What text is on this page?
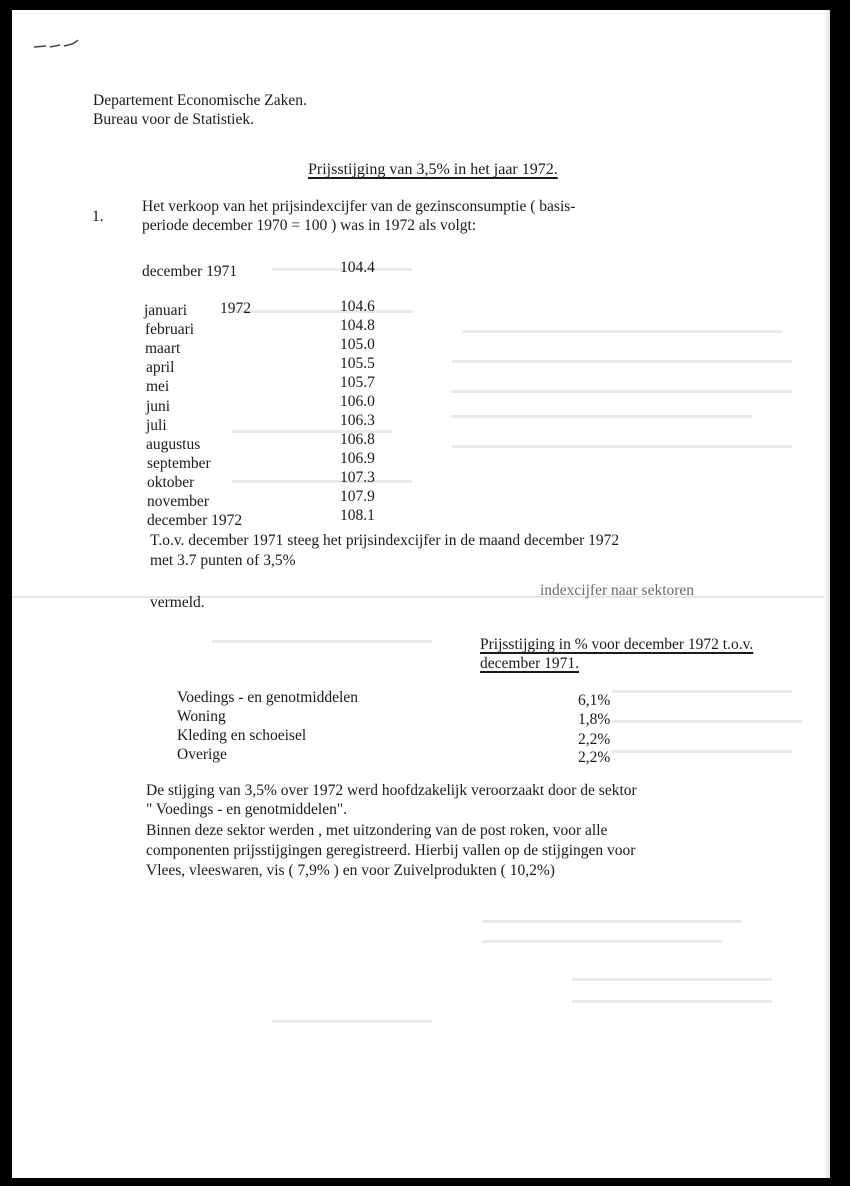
Departement Economische Zaken.
Bureau voor de Statistiek.
Prijsstijging van 3,5% in het jaar 1972.
1.
Het verkoop van het prijsindexcijfer van de gezinsconsumptie ( basis-
periode december 1970 = 100 ) was in 1972 als volgt:
december 1971	104.4
1972
januari	104.6
februari	104.8
maart	105.0
april	105.5
mei	105.7
juni	106.0
juli	106.3
augustus	106.8
september	106.9
oktober	107.3
november	107.9
december 1972	108.1
T.o.v. december 1971 steeg het prijsindexcijfer in de maand december 1972
met 3.7 punten of 3,5%
indexcijfer naar sektoren
vermeld.
Prijsstijging in % voor december 1972 t.o.v.
december 1971.
Voedings - en genotmiddelen	6,1%
Woning	1,8%
Kleding en schoeisel	2,2%
Overige	2,2%
De stijging van 3,5% over 1972 werd hoofdzakelijk veroorzaakt door de sektor
" Voedings - en genotmiddelen".
Binnen deze sektor werden , met uitzondering van de post roken, voor alle
componenten prijsstijgingen geregistreerd. Hierbij vallen op de stijgingen voor
Vlees, vleeswaren, vis ( 7,9% ) en voor Zuivelprodukten ( 10,2%)
